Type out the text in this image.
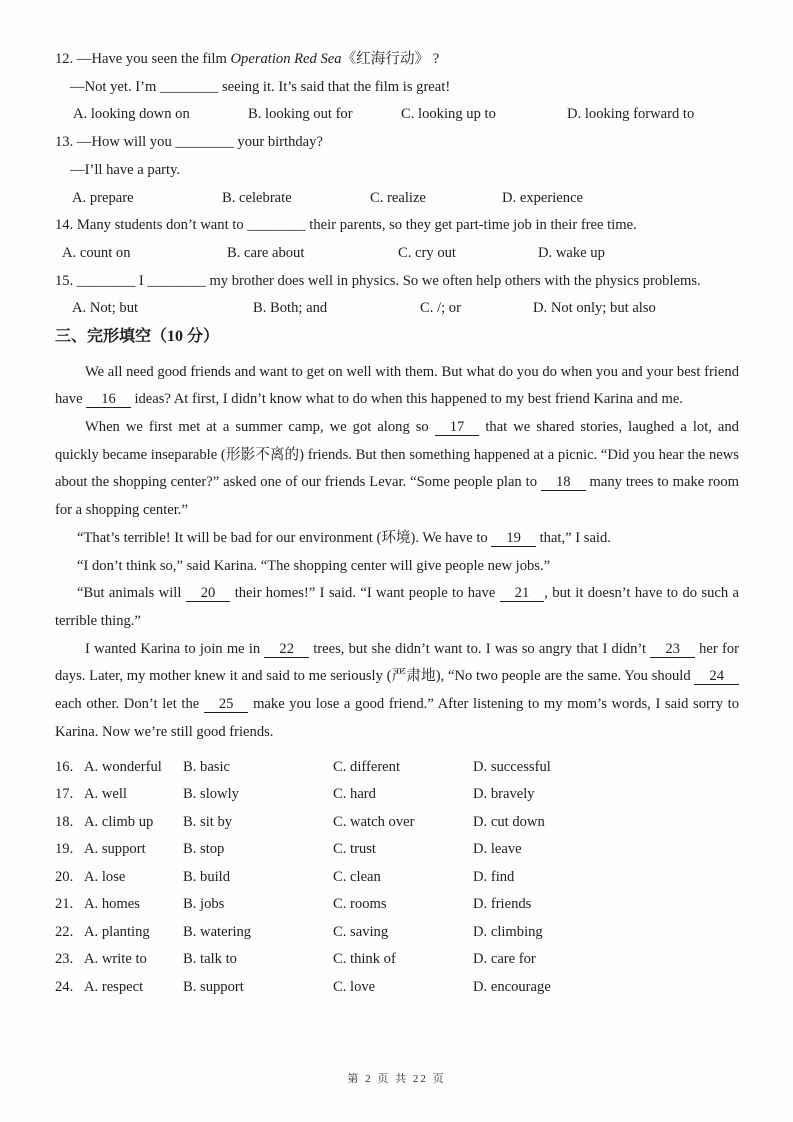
12. —Have you seen the film Operation Red Sea《红海行动》 ?
—Not yet. I’m ________ seeing it. It’s said that the film is great!
A. looking down on	B. looking out for	C. looking up to	D. looking forward to
13. —How will you ________ your birthday?
—I’ll have a party.
A. prepare	B. celebrate	C. realize	D. experience
14. Many students don’t want to ________ their parents, so they get part-time job in their free time.
A. count on	B. care about	C. cry out	D. wake up

15. ________ I ________ my brother does well in physics. So we often help others with the physics problems.

A. Not; but	B. Both; and	C. /; or	D. Not only; but also
三、完形填空（10 分）

We all need good friends and want to get on well with them. But what do you do when you and your best friend have 16 ideas? At first, I didn’t know what to do when this happened to my best friend Karina and me.

When we first met at a summer camp, we got along so 17 that we shared stories, laughed a lot, and quickly became inseparable (形影不离的) friends. But then something happened at a picnic. “Did you hear the news about the shopping center?” asked one of our friends Levar. “Some people plan to 18 many trees to make room for a shopping center.”

“That’s terrible! It will be bad for our environment (环境). We have to 19 that,” I said.

“I don’t think so,” said Karina. “The shopping center will give people new jobs.”

“But animals will 20 their homes!” I said. “I want people to have 21 , but it doesn’t have to do such a terrible thing.”

I wanted Karina to join me in 22 trees, but she didn’t want to. I was so angry that I didn’t 23 her for days. Later, my mother knew it and said to me seriously (严肃地), “No two people are the same. You should 24 each other. Don’t let the 25 make you lose a good friend.” After listening to my mom’s words, I said sorry to Karina. Now we’re still good friends.

16. A. wonderful B. basic	C. different	D. successful
17. A. well	B. slowly	C. hard	D. bravely
18. A. climb up B. sit by	C. watch over	D. cut down
19. A. support	B. stop	C. trust	D. leave
20. A. lose	B. build	C. clean	D. find
21. A. homes	B. jobs	C. rooms	D. friends
22. A. planting B. watering	C. saving	D. climbing
23. A. write to B. talk to	C. think of	D. care for
24. A. respect	B. support	C. love	D. encourage
第 2 页 共 22 页
